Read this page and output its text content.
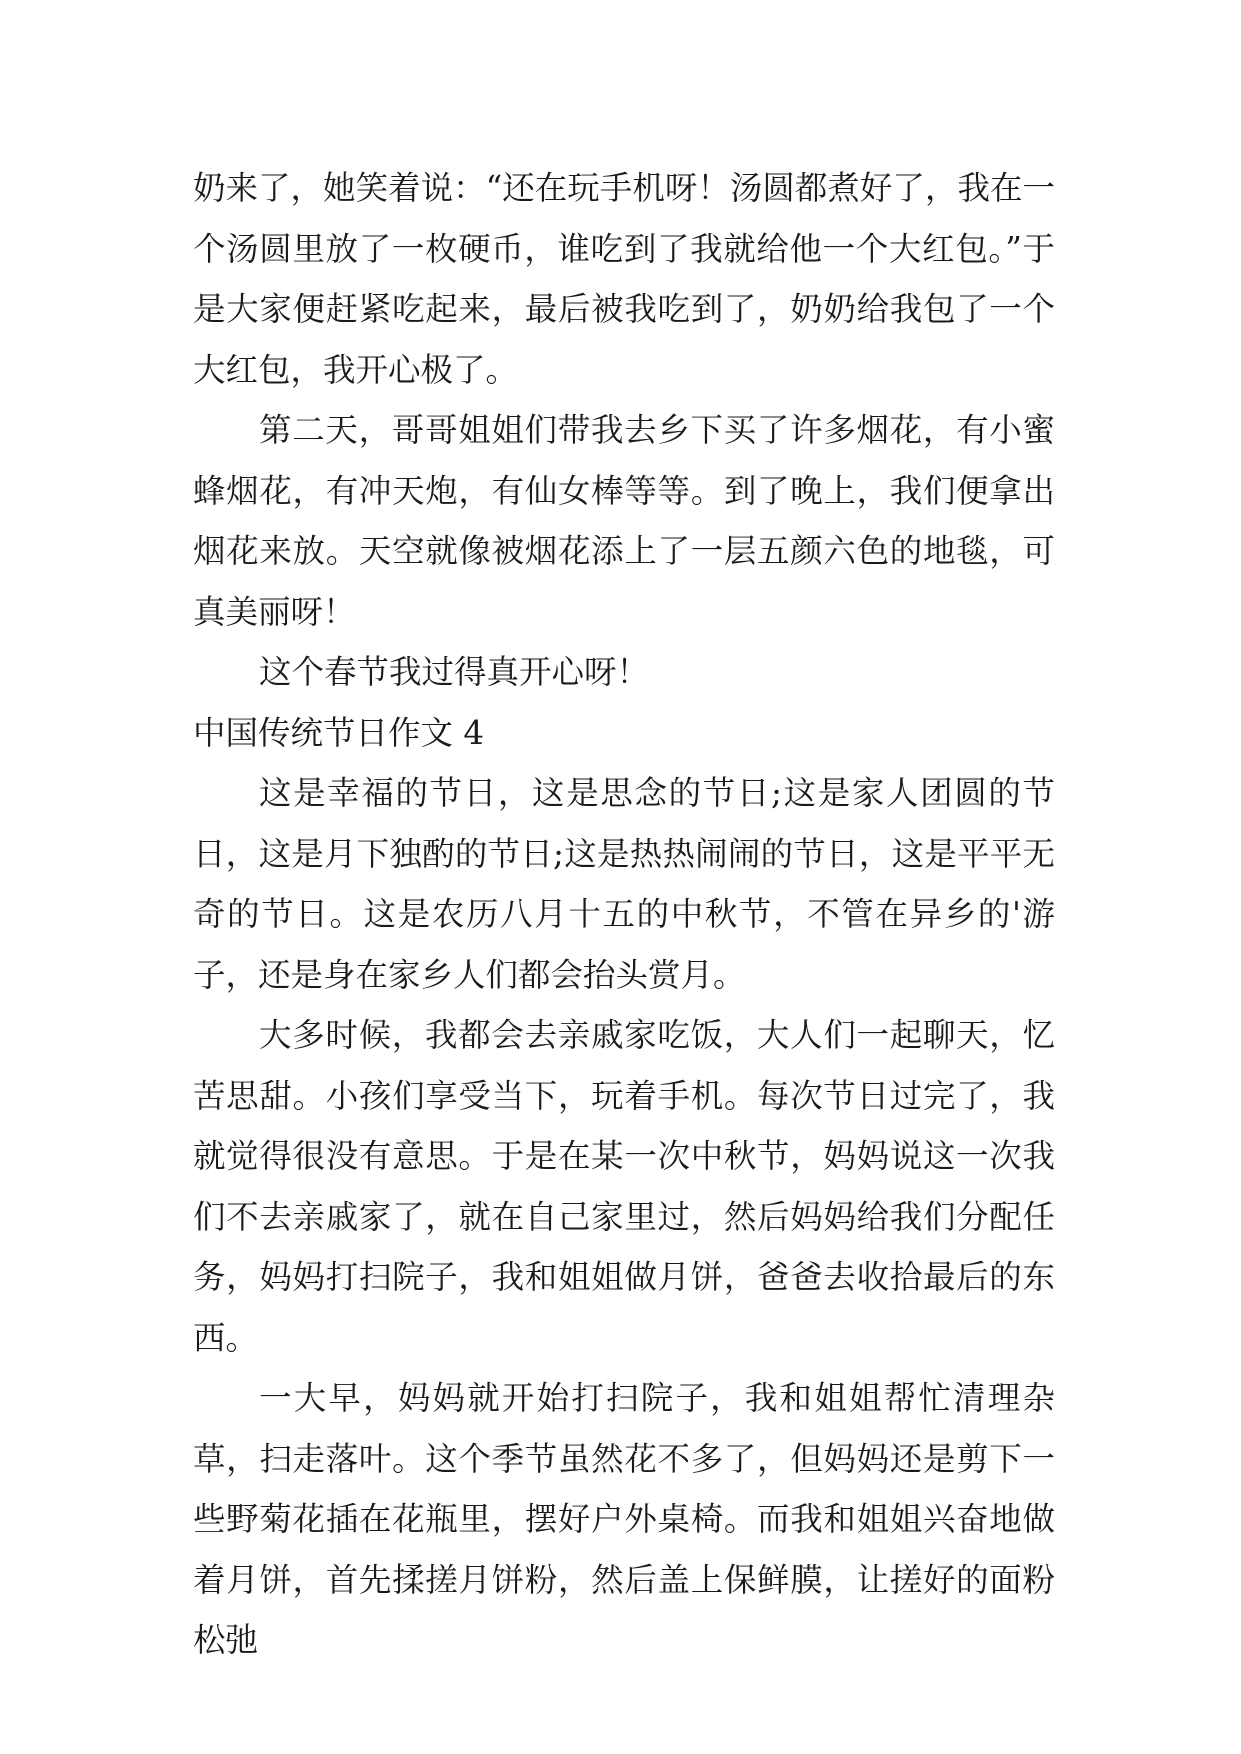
奶来了，她笑着说：“还在玩手机呀！汤圆都煮好了，我在一个汤圆里放了一枚硬币，谁吃到了我就给他一个大红包。”于是大家便赶紧吃起来，最后被我吃到了，奶奶给我包了一个大红包，我开心极了。

第二天，哥哥姐姐们带我去乡下买了许多烟花，有小蜜蜂烟花，有冲天炮，有仙女棒等等。到了晚上，我们便拿出烟花来放。天空就像被烟花添上了一层五颜六色的地毯，可真美丽呀！

这个春节我过得真开心呀！

中国传统节日作文 4

这是幸福的节日，这是思念的节日;这是家人团圆的节日，这是月下独酌的节日;这是热热闹闹的节日，这是平平无奇的节日。这是农历八月十五的中秋节，不管在异乡的'游子，还是身在家乡人们都会抬头赏月。

大多时候，我都会去亲戚家吃饭，大人们一起聊天，忆苦思甜。小孩们享受当下，玩着手机。每次节日过完了，我就觉得很没有意思。于是在某一次中秋节，妈妈说这一次我们不去亲戚家了，就在自己家里过，然后妈妈给我们分配任务，妈妈打扫院子，我和姐姐做月饼，爸爸去收拾最后的东西。

一大早，妈妈就开始打扫院子，我和姐姐帮忙清理杂草，扫走落叶。这个季节虽然花不多了，但妈妈还是剪下一些野菊花插在花瓶里，摆好户外桌椅。而我和姐姐兴奋地做着月饼，首先揉搓月饼粉，然后盖上保鲜膜，让搓好的面粉松弛
